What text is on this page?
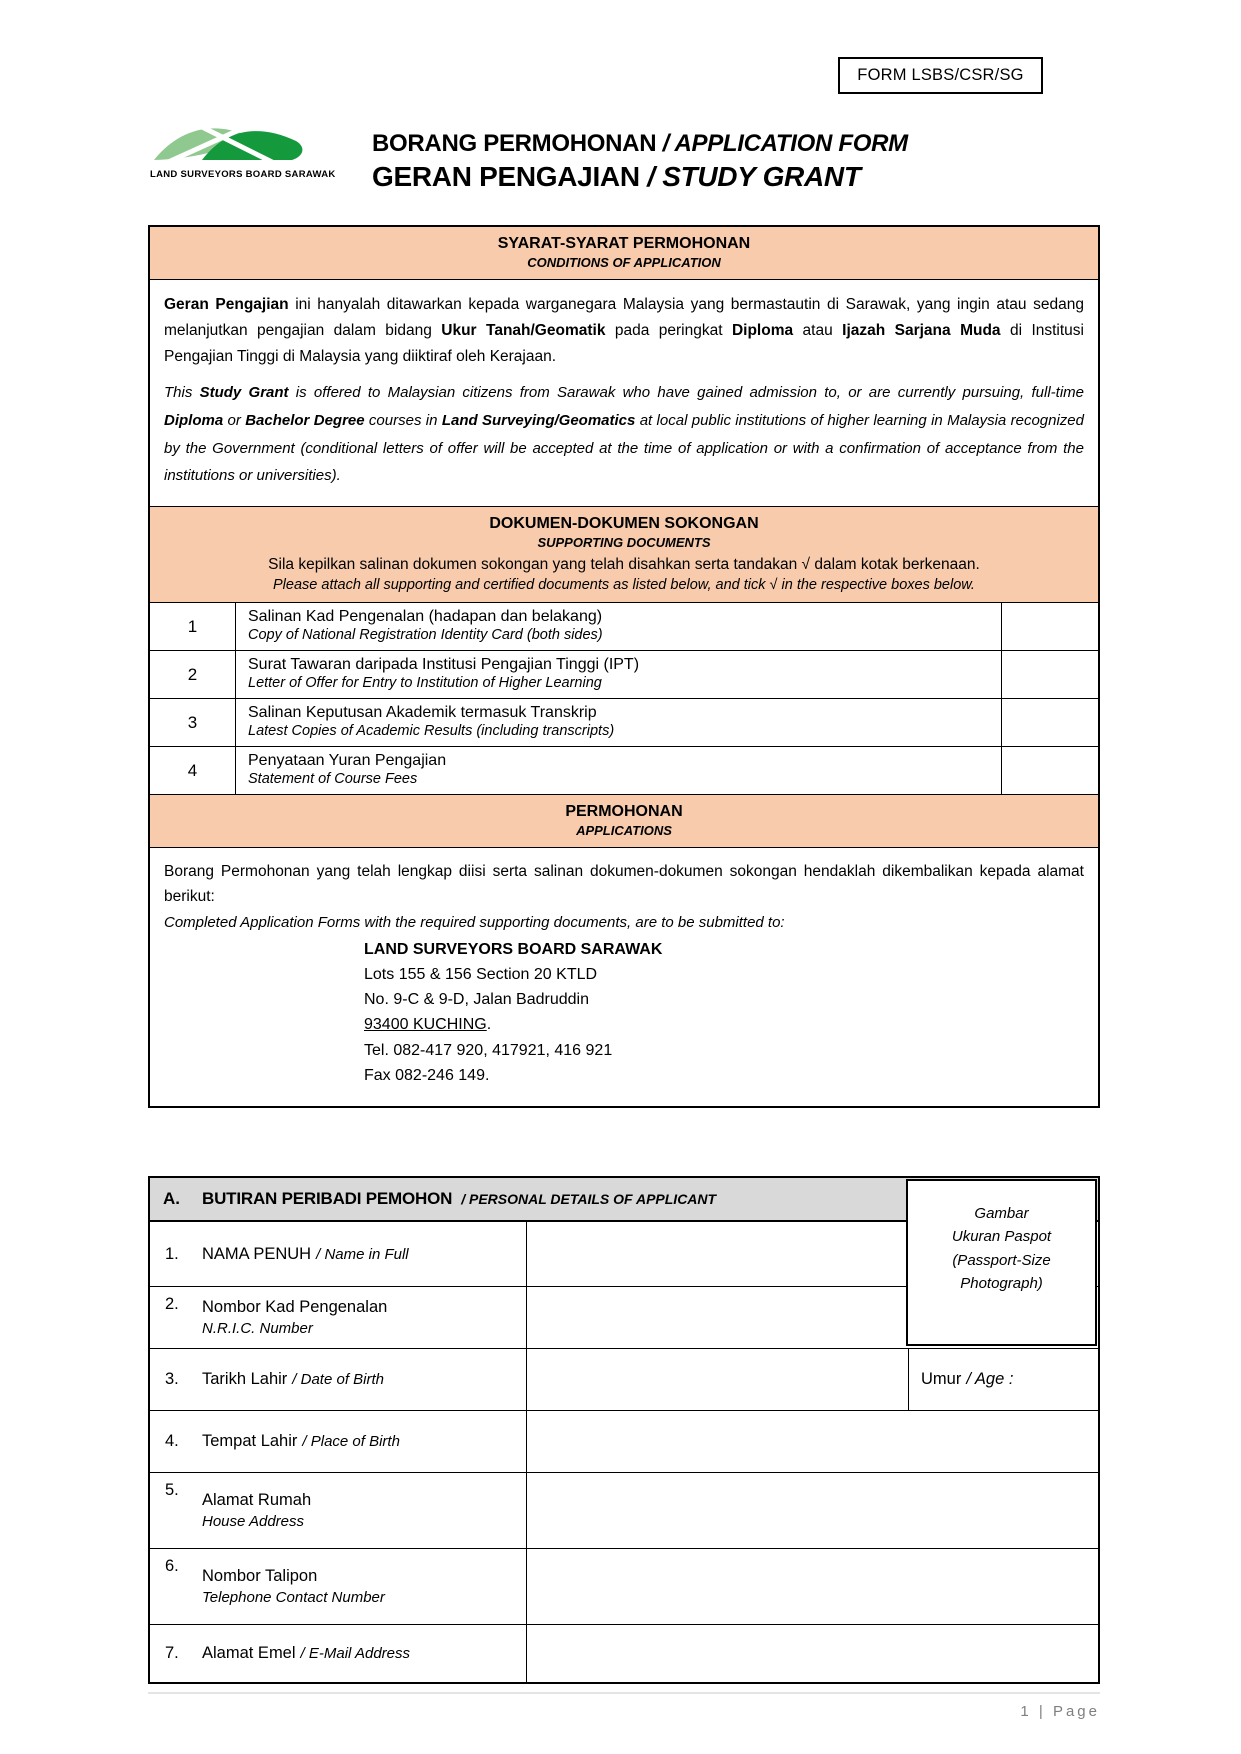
FORM LSBS/CSR/SG
LAND SURVEYORS BOARD SARAWAK
BORANG PERMOHONAN / APPLICATION FORM
GERAN PENGAJIAN / STUDY GRANT
SYARAT-SYARAT PERMOHONAN
CONDITIONS OF APPLICATION

Geran Pengajian ini hanyalah ditawarkan kepada warganegara Malaysia yang bermastautin di Sarawak, yang ingin atau sedang melanjutkan pengajian dalam bidang Ukur Tanah/Geomatik pada peringkat Diploma atau Ijazah Sarjana Muda di Institusi Pengajian Tinggi di Malaysia yang diiktiraf oleh Kerajaan.

This Study Grant is offered to Malaysian citizens from Sarawak who have gained admission to, or are currently pursuing, full-time Diploma or Bachelor Degree courses in Land Surveying/Geomatics at local public institutions of higher learning in Malaysia recognized by the Government (conditional letters of offer will be accepted at the time of application or with a confirmation of acceptance from the institutions or universities).

DOKUMEN-DOKUMEN SOKONGAN
SUPPORTING DOCUMENTS
Sila kepilkan salinan dokumen sokongan yang telah disahkan serta tandakan √ dalam kotak berkenaan.
Please attach all supporting and certified documents as listed below, and tick √ in the respective boxes below.
1	Salinan Kad Pengenalan (hadapan dan belakang)
Copy of National Registration Identity Card (both sides)
2	Surat Tawaran daripada Institusi Pengajian Tinggi (IPT)
Letter of Offer for Entry to Institution of Higher Learning
3	Salinan Keputusan Akademik termasuk Transkrip
Latest Copies of Academic Results (including transcripts)
4	Penyataan Yuran Pengajian
Statement of Course Fees
PERMOHONAN
APPLICATIONS

Borang Permohonan yang telah lengkap diisi serta salinan dokumen-dokumen sokongan hendaklah dikembalikan kepada alamat berikut:

Completed Application Forms with the required supporting documents, are to be submitted to:

LAND SURVEYORS BOARD SARAWAK
Lots 155 & 156 Section 20 KTLD
No. 9-C & 9-D, Jalan Badruddin
93400 KUCHING.
Tel. 082-417 920, 417921, 416 921
Fax 082-246 149.
A.	BUTIRAN PERIBADI PEMOHON / PERSONAL DETAILS OF APPLICANT
1.	NAMA PENUH / Name in Full
2.	Nombor Kad Pengenalan
N.R.I.C. Number
3.	Tarikh Lahir / Date of Birth	Umur / Age :
4.	Tempat Lahir / Place of Birth
5.
Alamat Rumah
House Address
6.
Nombor Talipon
Telephone Contact Number
7.	Alamat Emel / E-Mail Address
Gambar
Ukuran Paspot
(Passport-Size
Photograph)
1 | Page
